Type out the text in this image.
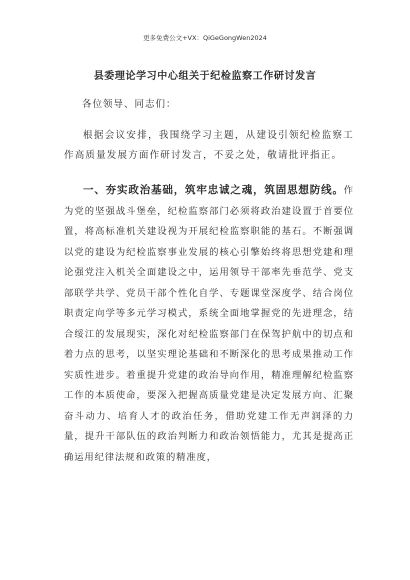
更多免费公文+VX：QiGeGongWen2024
县委理论学习中心组关于纪检监察工作研讨发言
各位领导、同志们：

根据会议安排，我围绕学习主题，从建设引领纪检监察工作高质量发展方面作研讨发言，不妥之处，敬请批评指正。

一、夯实政治基础，筑牢忠诚之魂，筑固思想防线。作为党的坚强战斗堡垒，纪检监察部门必须将政治建设置于首要位置，将高标准机关建设视为开展纪检监察职能的基石。不断强调以党的建设为纪检监察事业发展的核心引擎始终将思想党建和理论强党注入机关全面建设之中，运用领导干部率先垂范学、党支部联学共学、党员干部个性化自学、专题课堂深度学、结合岗位职责定向学等多元学习模式，系统全面地掌握党的先进理念，结合绥江的发展现实，深化对纪检监察部门在保驾护航中的切点和着力点的思考，以坚实理论基础和不断深化的思考成果推动工作实质性进步。着重提升党建的政治导向作用，精准理解纪检监察工作的本质使命，要深入把握高质量党建是决定发展方向、汇聚奋斗动力、培育人才的政治任务，借助党建工作无声润泽的力量，提升干部队伍的政治判断力和政治领悟能力，尤其是提高正确运用纪律法规和政策的精准度，
